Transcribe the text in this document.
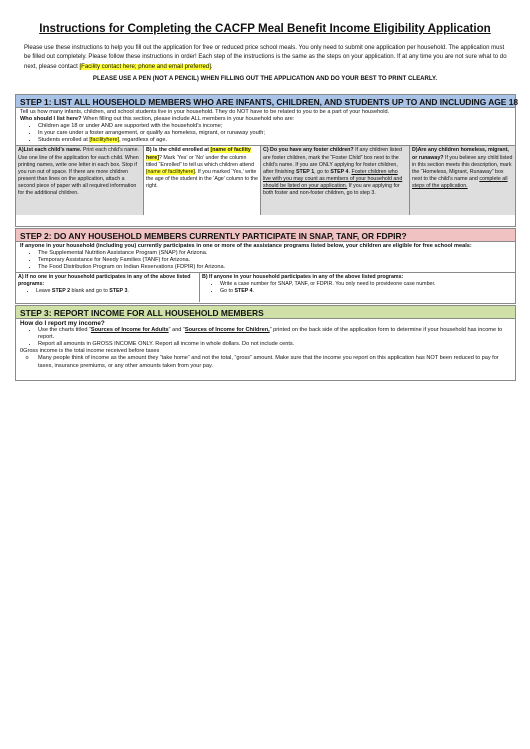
Instructions for Completing the CACFP Meal Benefit Income Eligibility Application
Please use these instructions to help you fill out the application for free or reduced price school meals. You only need to submit one application per household. The application must be filled out completely. Please follow these instructions in order! Each step of the instructions is the same as the steps on your application. If at any time you are not sure what to do next, please contact [Facility contact here; phone and email preferred].
PLEASE USE A PEN (NOT A PENCIL) WHEN FILLING OUT THE APPLICATION AND DO YOUR BEST TO PRINT CLEARLY.
STEP 1: LIST ALL HOUSEHOLD MEMBERS WHO ARE INFANTS, CHILDREN, AND STUDENTS UP TO AND INCLUDING AGE 18
Tell us how many infants, children, and school students live in your household. They do NOT have to be related to you to be a part of your household.
Who should I list here? When filling out this section, please include ALL members in your household who are:
• Children age 18 or under AND are supported with the household’s income;
• In your care under a foster arrangement, or qualify as homeless, migrant, or runaway youth;
• Students enrolled at [facilityhere], regardless of age.
A)List each child’s name. Print each child’s name. Use one line of the application for each child. When printing names, write one letter in each box. Stop if you run out of space. If there are more children present than lines on the application, attach a second piece of paper with all required information for the additional children.
B) Is the child enrolled at [name of facility here]? Mark ‘Yes’ or ‘No’ under the column titled “Enrolled” to tell us which children attend [name of facilityhere]. If you marked ‘Yes,’ write the age of the student in the ‘Age’ column to the right.
C) Do you have any foster children? If any children listed are foster children, mark the “Foster Child” box next to the child’s name. If you are ONLY applying for foster children, after finishing STEP 1, go to STEP 4. Foster children who live with you may count as members of your household and should be listed on your application. If you are applying for both foster and non-foster children, go to step 3.
D)Are any children homeless, migrant, or runaway? If you believe any child listed in this section meets this description, mark the “Homeless, Migrant, Runaway” box next to the child’s name and complete all steps of the application.
STEP 2: DO ANY HOUSEHOLD MEMBERS CURRENTLY PARTICIPATE IN SNAP, TANF, OR FDPIR?
If anyone in your household (including you) currently participates in one or more of the assistance programs listed below, your children are eligible for free school meals:
• The Supplemental Nutrition Assistance Program (SNAP) for Arizona.
• Temporary Assistance for Needy Families (TANF) for Arizona.
• The Food Distribution Program on Indian Reservations (FDPIR) for Arizona.
A) If no one in your household participates in any of the above listed programs:
• Leave STEP 2 blank and go to STEP 3.
B) If anyone in your household participates in any of the above listed programs:
• Write a case number for SNAP, TANF, or FDPIR. You only need to provideone case number.
• Go to STEP 4.
STEP 3: REPORT INCOME FOR ALL HOUSEHOLD MEMBERS
How do I report my income?
• Use the charts titled “Sources of Income for Adults” and “Sources of Income for Children,” printed on the back side of the application form to determine if your household has income to report.
• Report all amounts in GROSS INCOME ONLY. Report all income in whole dollars. Do not include cents.
0Gross income is the total income received before taxes
o	Many people think of income as the amount they “take home” and not the total, “gross” amount. Make sure that the income you report on this application has NOT been reduced to pay for taxes, insurance premiums, or any other amounts taken from your pay.
